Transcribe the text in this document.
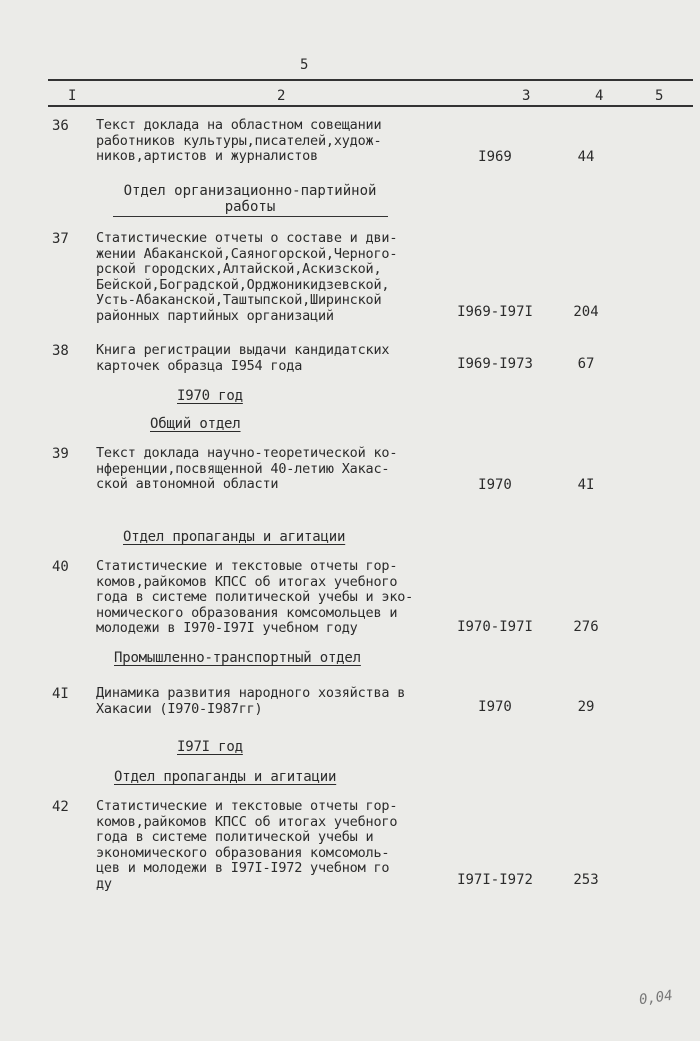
5
I	2	3	4	5
36 Текст доклада на областном совещании
работников культуры,писателей,худож-
ников,артистов и журналистов	I969	44
Отдел организационно-партийной работы
37 Статистические отчеты о составе и дви-
жении Абаканской,Саяногорской,Черного-
рской городских,Алтайской,Аскизской,
Бейской,Боградской,Орджоникидзевской,
Усть-Абаканской,Таштыпской,Ширинской
районных партийных организаций	I969-I97I	204
38 Книга регистрации выдачи кандидатских
карточек образца I954 года	I969-I973	67
I970 год
Общий отдел
39 Текст доклада научно-теоретической ко-
нференции,посвященной 40-летию Хакас-
ской автономной области	I970	4I
Отдел пропаганды и агитации
40 Статистические и текстовые отчеты гор-
комов,райкомов КПСС об итогах учебного
года в системе политической учебы и эко-
номического образования комсомольцев и
молодежи в I970-I97I учебном году	I970-I97I	276
Промышленно-транспортный отдел
4I Динамика развития народного хозяйства в
Хакасии (I970-I987гг)	I970	29
I97I год
Отдел пропаганды и агитации
42 Статистические и текстовые отчеты гор-
комов,райкомов КПСС об итогах учебного
года в системе политической учебы и
экономического образования комсомоль-
цев и молодежи в I97I-I972 учебном го
ду	I97I-I972	253
0,04
